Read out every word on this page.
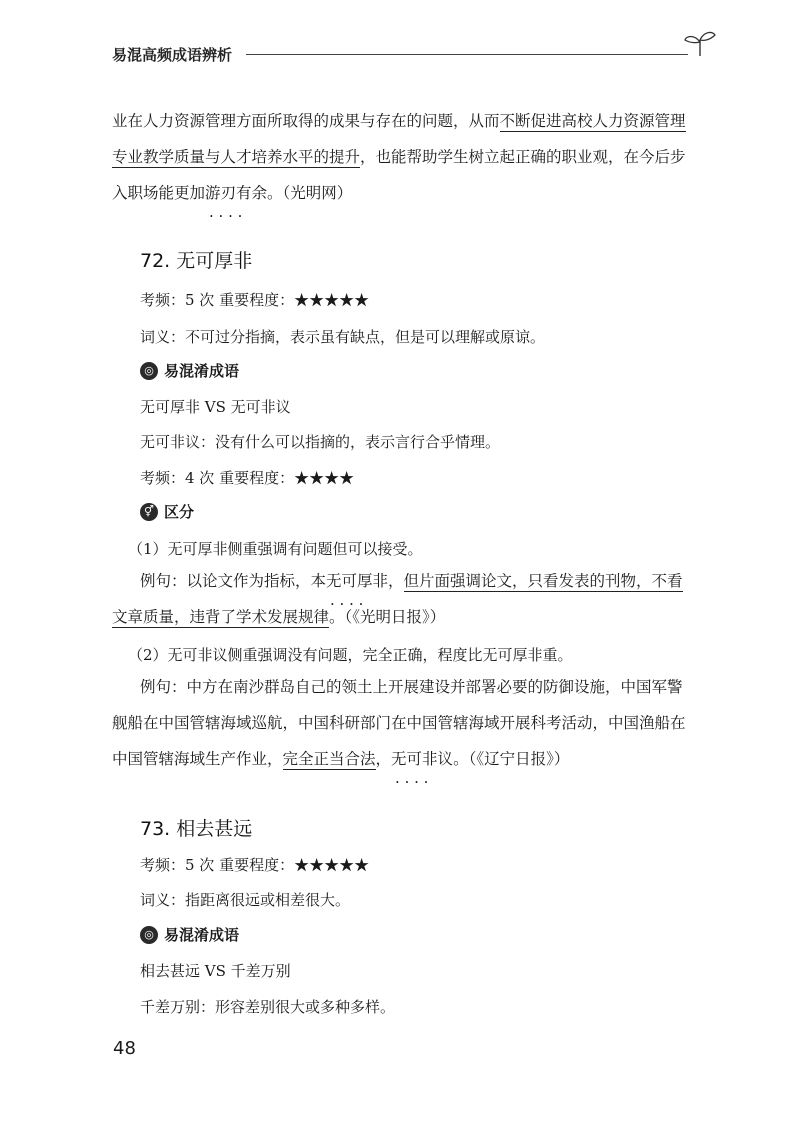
易混高频成语辨析
业在人力资源管理方面所取得的成果与存在的问题，从而不断促进高校人力资源管理
专业教学质量与人才培养水平的提升，也能帮助学生树立起正确的职业观，在今后步
入职场能更加游刃有余 · · · ·。（光明网）
72. 无可厚非
考频：5 次 重要程度：★★★★★
词义：不可过分指摘，表示虽有缺点，但是可以理解或原谅。
◎ 易混淆成语
无可厚非 VS 无可非议
无可非议：没有什么可以指摘的，表示言行合乎情理。
考频：4 次 重要程度：★★★★
⚥ 区分
（1）无可厚非侧重强调有问题但可以接受。
例句：以论文作为指标，本无可厚非 · · · ·，但片面强调论文，只看发表的刊物，不看
文章质量，违背了学术发展规律。（《光明日报》）
（2）无可非议侧重强调没有问题，完全正确，程度比无可厚非重。
例句：中方在南沙群岛自己的领土上开展建设并部署必要的防御设施，中国军警
舰船在中国管辖海域巡航，中国科研部门在中国管辖海域开展科考活动，中国渔船在
中国管辖海域生产作业，完全正当合法，无可非议 · · · ·。（《辽宁日报》）
73. 相去甚远
考频：5 次 重要程度：★★★★★
词义：指距离很远或相差很大。
◎ 易混淆成语
相去甚远 VS 千差万别
千差万别：形容差别很大或多种多样。
48
